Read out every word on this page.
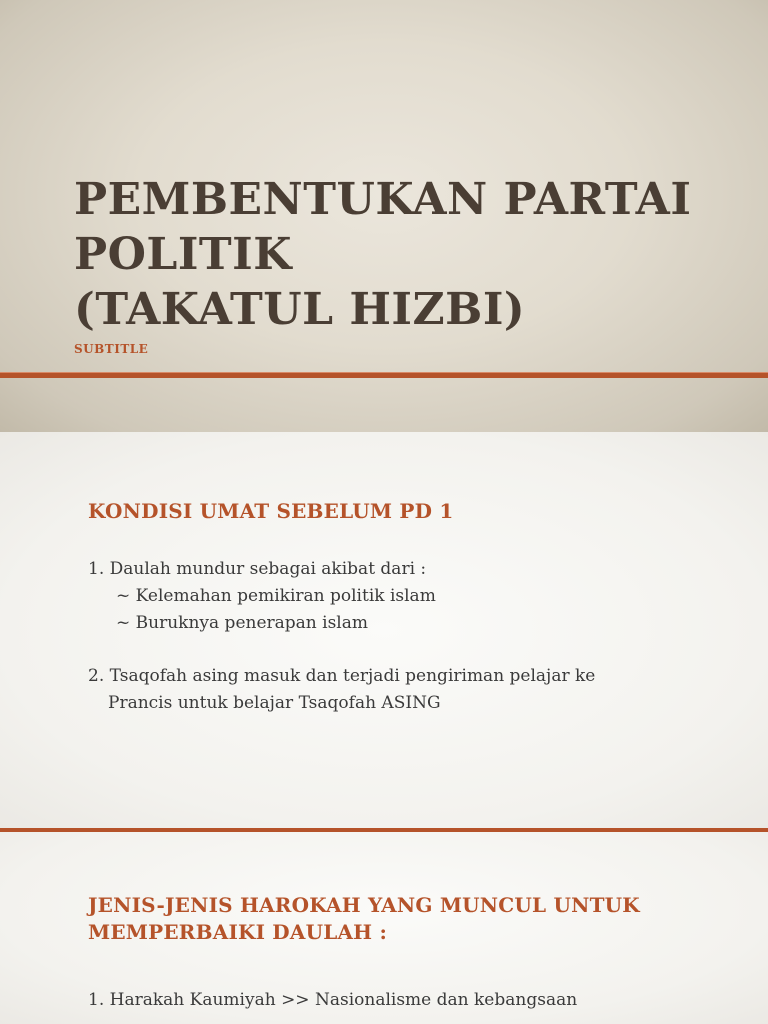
PEMBENTUKAN PARTAI
POLITIK
(TAKATUL HIZBI)
SUBTITLE
KONDISI UMAT SEBELUM PD 1
1. Daulah mundur sebagai akibat dari :
~ Kelemahan pemikiran politik islam
~ Buruknya penerapan islam
2. Tsaqofah asing masuk dan terjadi pengiriman pelajar ke
Prancis untuk belajar Tsaqofah ASING
JENIS-JENIS HAROKAH YANG MUNCUL UNTUK
MEMPERBAIKI DAULAH :
1. Harakah Kaumiyah >> Nasionalisme dan kebangsaan
